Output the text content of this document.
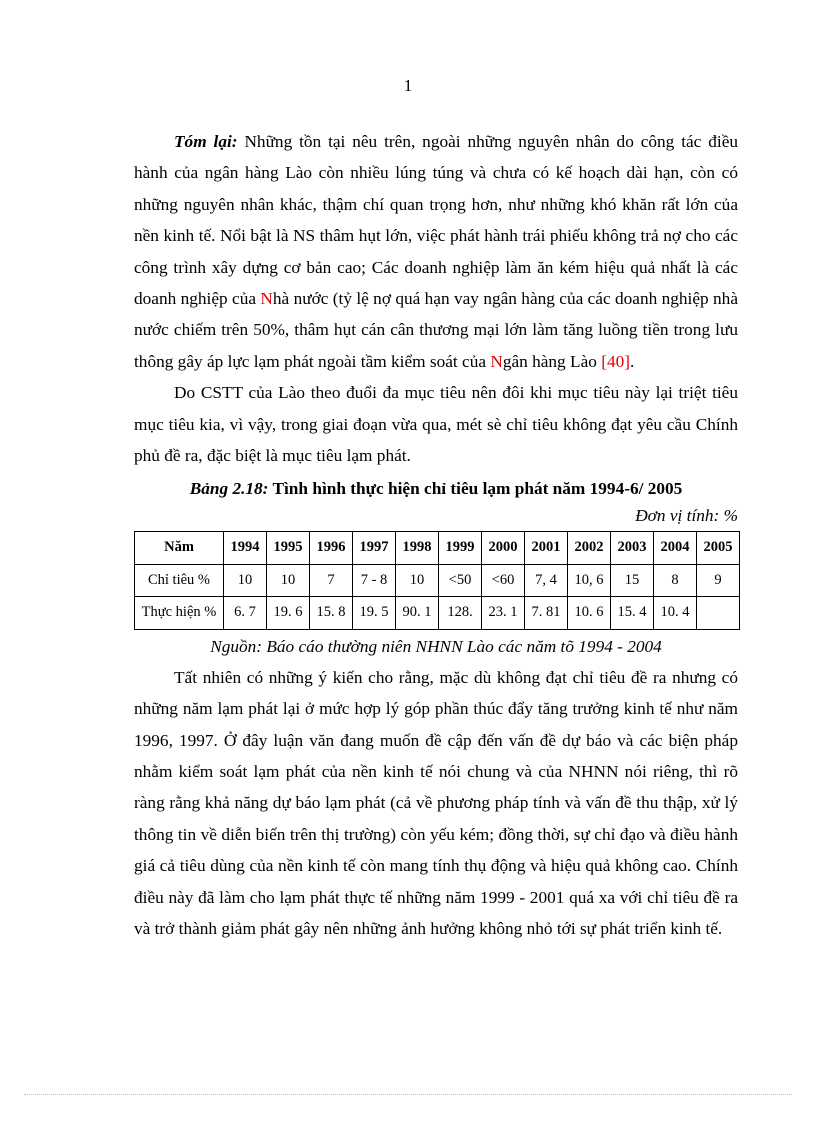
1

Tóm lại: Những tồn tại nêu trên, ngoài những nguyên nhân do công tác điều hành của ngân hàng Lào còn nhiều lúng túng và chưa có kế hoạch dài hạn, còn có những nguyên nhân khác, thậm chí quan trọng hơn, như những khó khăn rất lớn của nền kinh tế. Nổi bật là NS thâm hụt lớn, việc phát hành trái phiếu không trả nợ cho các công trình xây dựng cơ bản cao; Các doanh nghiệp làm ăn kém hiệu quả nhất là các doanh nghiệp của Nhà nước (tỷ lệ nợ quá hạn vay ngân hàng của các doanh nghiệp nhà nước chiếm trên 50%, thâm hụt cán cân thương mại lớn làm tăng luồng tiền trong lưu thông gây áp lực lạm phát ngoài tầm kiểm soát của Ngân hàng Lào [40].

Do CSTT của Lào theo đuổi đa mục tiêu nên đôi khi mục tiêu này lại triệt tiêu mục tiêu kia, vì vậy, trong giai đoạn vừa qua, mét sè chỉ tiêu không đạt yêu cầu Chính phủ đề ra, đặc biệt là mục tiêu lạm phát.

Bảng 2.18: Tình hình thực hiện chỉ tiêu lạm phát năm 1994-6/ 2005

Đơn vị tính: %

Năm	1994	1995	1996	1997	1998	1999	2000	2001	2002	2003	2004	2005
Chỉ tiêu %	10	10	7	7 - 8	10	<50	<60	7, 4	10, 6	15	8	9
Thực hiện %	6. 7	19. 6	15. 8	19. 5	90. 1	128.	23. 1	7. 81	10. 6	15. 4	10. 4	

Nguồn: Báo cáo thường niên NHNN Lào các năm tõ 1994 - 2004

Tất nhiên có những ý kiến cho rằng, mặc dù không đạt chỉ tiêu đề ra nhưng có những năm lạm phát lại ở mức hợp lý góp phần thúc đẩy tăng trưởng kinh tế như năm 1996, 1997. Ở đây luận văn đang muốn đề cập đến vấn đề dự báo và các biện pháp nhằm kiểm soát lạm phát của nền kinh tế nói chung và của NHNN nói riêng, thì rõ ràng rằng khả năng dự báo lạm phát (cả về phương pháp tính và vấn đề thu thập, xử lý thông tin về diễn biến trên thị trường) còn yếu kém; đồng thời, sự chỉ đạo và điều hành giá cả tiêu dùng của nền kinh tế còn mang tính thụ động và hiệu quả không cao. Chính điều này đã làm cho lạm phát thực tế những năm 1999 - 2001 quá xa với chỉ tiêu đề ra và trở thành giảm phát gây nên những ảnh hưởng không nhỏ tới sự phát triển kinh tế.
